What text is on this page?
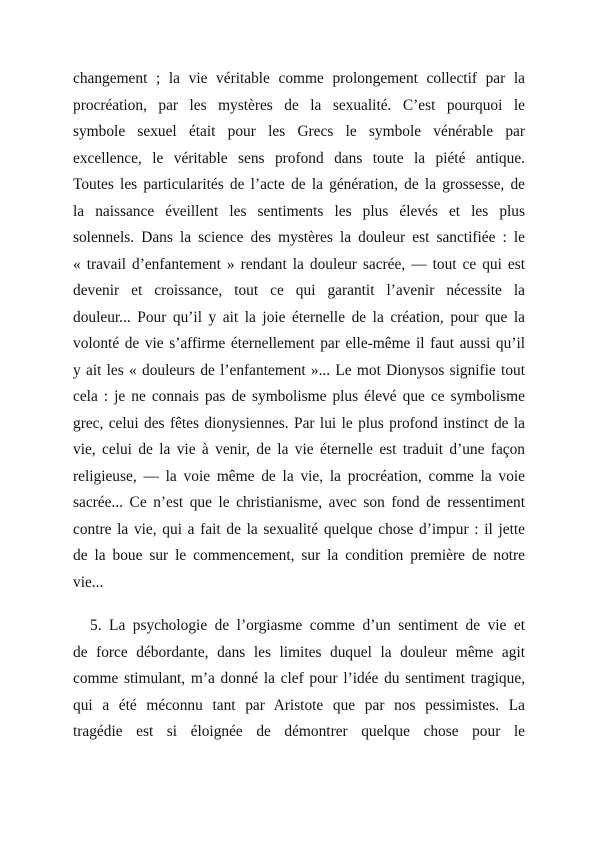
changement ; la vie véritable comme prolongement collectif par la
procréation, par les mystères de la sexualité. C’est pourquoi le
symbole sexuel était pour les Grecs le symbole vénérable par
excellence, le véritable sens profond dans toute la piété antique.
Toutes les particularités de l’acte de la génération, de la grossesse, de
la naissance éveillent les sentiments les plus élevés et les plus
solennels. Dans la science des mystères la douleur est sanctifiée : le
« travail d’enfantement » rendant la douleur sacrée, — tout ce qui est
devenir et croissance, tout ce qui garantit l’avenir nécessite la
douleur... Pour qu’il y ait la joie éternelle de la création, pour que la
volonté de vie s’affirme éternellement par elle-même il faut aussi qu’il
y ait les « douleurs de l’enfantement »... Le mot Dionysos signifie tout
cela : je ne connais pas de symbolisme plus élevé que ce symbolisme
grec, celui des fêtes dionysiennes. Par lui le plus profond instinct de la
vie, celui de la vie à venir, de la vie éternelle est traduit d’une façon
religieuse, — la voie même de la vie, la procréation, comme la voie
sacrée... Ce n’est que le christianisme, avec son fond de ressentiment
contre la vie, qui a fait de la sexualité quelque chose d’impur : il jette
de la boue sur le commencement, sur la condition première de notre
vie...
5. La psychologie de l’orgiasme comme d’un sentiment de vie et
de force débordante, dans les limites duquel la douleur même agit
comme stimulant, m’a donné la clef pour l’idée du sentiment tragique,
qui a été méconnu tant par Aristote que par nos pessimistes. La
tragédie est si éloignée de démontrer quelque chose pour le
